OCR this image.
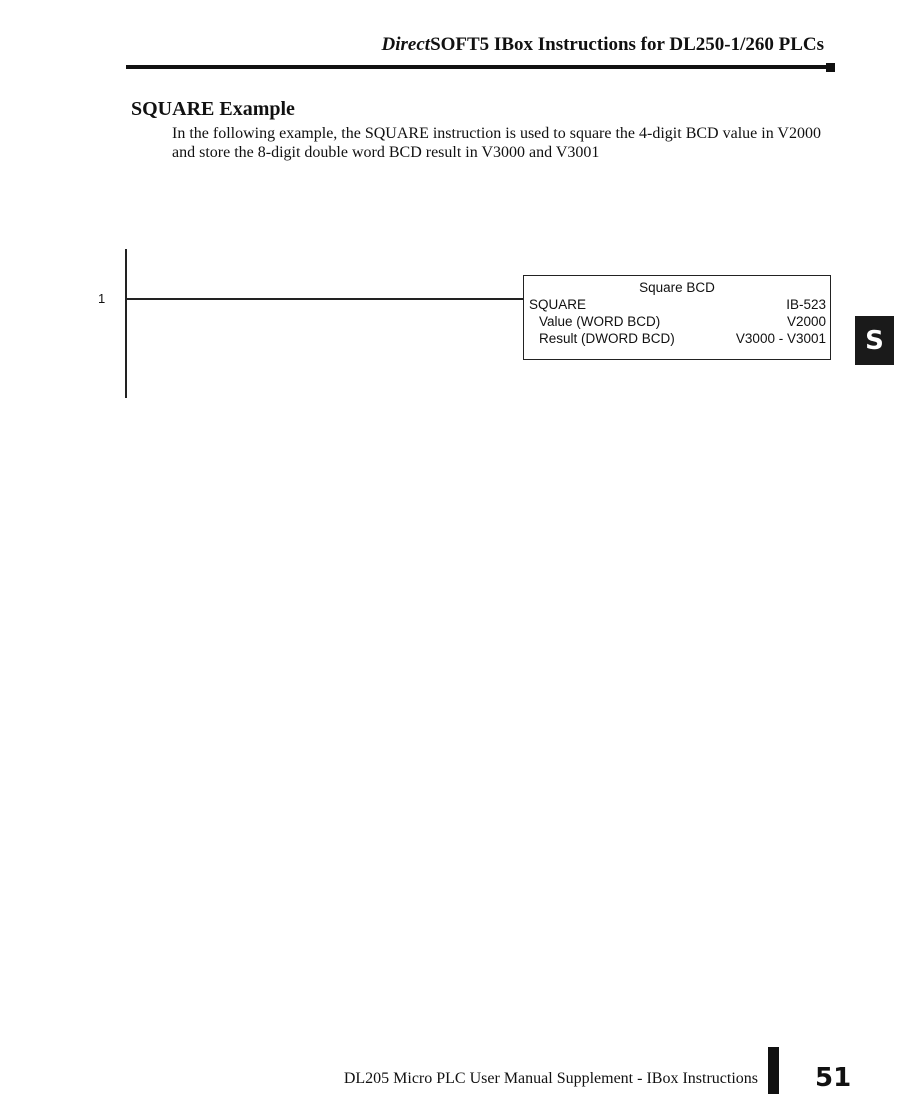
DirectSOFT5 IBox Instructions for DL250-1/260 PLCs
SQUARE Example
In the following example, the SQUARE instruction is used to square the 4-digit BCD value in V2000 and store the 8-digit double word BCD result in V3000 and V3001
1
Square BCD
SQUARE	IB-523
Value (WORD BCD)	V2000
Result (DWORD BCD)	V3000 - V3001	S
DL205 Micro PLC User Manual Supplement - IBox Instructions 51
